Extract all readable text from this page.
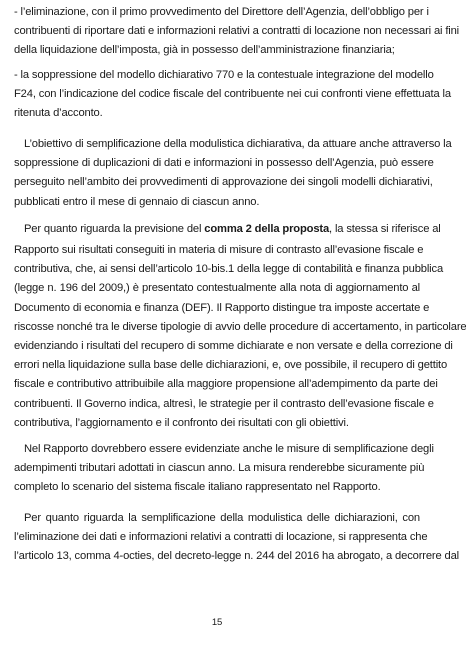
- l’eliminazione, con il primo provvedimento del Direttore dell’Agenzia, dell’obbligo per i
contribuenti di riportare dati e informazioni relativi a contratti di locazione non necessari ai fini
della liquidazione dell’imposta, già in possesso dell’amministrazione finanziaria;
- la soppressione del modello dichiarativo 770 e la contestuale integrazione del modello
F24, con l’indicazione del codice fiscale del contribuente nei cui confronti viene effettuata la
ritenuta d’acconto.
L’obiettivo di semplificazione della modulistica dichiarativa, da attuare anche attraverso la
soppressione di duplicazioni di dati e informazioni in possesso dell’Agenzia, può essere
perseguito nell’ambito dei provvedimenti di approvazione dei singoli modelli dichiarativi,
pubblicati entro il mese di gennaio di ciascun anno.
Per quanto riguarda la previsione del comma 2 della proposta, la stessa si riferisce al
Rapporto sui risultati conseguiti in materia di misure di contrasto all’evasione fiscale e
contributiva, che, ai sensi dell’articolo 10-bis.1 della legge di contabilità e finanza pubblica
(legge n. 196 del 2009,) è presentato contestualmente alla nota di aggiornamento al
Documento di economia e finanza (DEF). Il Rapporto distingue tra imposte accertate e
riscosse nonché tra le diverse tipologie di avvio delle procedure di accertamento, in particolare
evidenziando i risultati del recupero di somme dichiarate e non versate e della correzione di
errori nella liquidazione sulla base delle dichiarazioni, e, ove possibile, il recupero di gettito
fiscale e contributivo attribuibile alla maggiore propensione all’adempimento da parte dei
contribuenti. Il Governo indica, altresì, le strategie per il contrasto dell’evasione fiscale e
contributiva, l’aggiornamento e il confronto dei risultati con gli obiettivi.
Nel Rapporto dovrebbero essere evidenziate anche le misure di semplificazione degli
adempimenti tributari adottati in ciascun anno. La misura renderebbe sicuramente più
completo lo scenario del sistema fiscale italiano rappresentato nel Rapporto.
Per quanto riguarda la semplificazione della modulistica delle dichiarazioni, con
l’eliminazione dei dati e informazioni relativi a contratti di locazione, si rappresenta che
l’articolo 13, comma 4-octies, del decreto-legge n. 244 del 2016 ha abrogato, a decorrere dal
15
